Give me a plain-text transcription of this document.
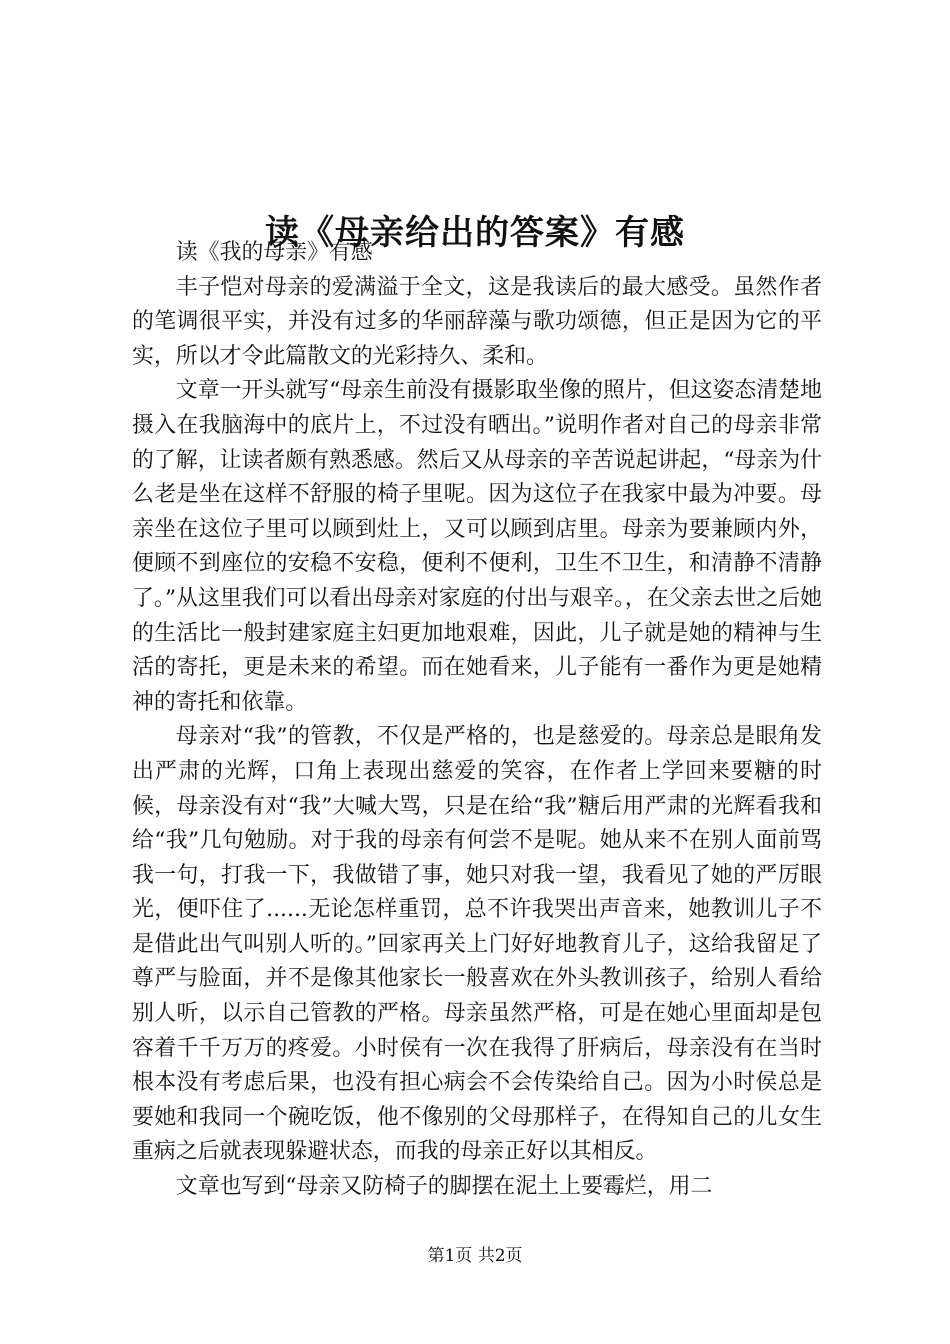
读《母亲给出的答案》有感

读《我的母亲》有感

丰子恺对母亲的爱满溢于全文，这是我读后的最大感受。虽然作者的笔调很平实，并没有过多的华丽辞藻与歌功颂德，但正是因为它的平实，所以才令此篇散文的光彩持久、柔和。

文章一开头就写“母亲生前没有摄影取坐像的照片，但这姿态清楚地摄入在我脑海中的底片上，不过没有晒出。”说明作者对自己的母亲非常的了解，让读者颇有熟悉感。然后又从母亲的辛苦说起讲起，“母亲为什么老是坐在这样不舒服的椅子里呢。因为这位子在我家中最为冲要。母亲坐在这位子里可以顾到灶上，又可以顾到店里。母亲为要兼顾内外，便顾不到座位的安稳不安稳，便利不便利，卫生不卫生，和清静不清静了。”从这里我们可以看出母亲对家庭的付出与艰辛。，在父亲去世之后她的生活比一般封建家庭主妇更加地艰难，因此，儿子就是她的精神与生活的寄托，更是未来的希望。而在她看来，儿子能有一番作为更是她精神的寄托和依靠。

母亲对“我”的管教，不仅是严格的，也是慈爱的。母亲总是眼角发出严肃的光辉，口角上表现出慈爱的笑容，在作者上学回来要糖的时候，母亲没有对“我”大喊大骂，只是在给“我”糖后用严肃的光辉看我和给“我”几句勉励。对于我的母亲有何尝不是呢。她从来不在别人面前骂我一句，打我一下，我做错了事，她只对我一望，我看见了她的严厉眼光，便吓住了......无论怎样重罚，总不许我哭出声音来，她教训儿子不是借此出气叫别人听的。”回家再关上门好好地教育儿子，这给我留足了尊严与脸面，并不是像其他家长一般喜欢在外头教训孩子，给别人看给别人听，以示自己管教的严格。母亲虽然严格，可是在她心里面却是包容着千千万万的疼爱。小时侯有一次在我得了肝病后，母亲没有在当时根本没有考虑后果，也没有担心病会不会传染给自己。因为小时侯总是要她和我同一个碗吃饭，他不像别的父母那样子，在得知自己的儿女生重病之后就表现躲避状态，而我的母亲正好以其相反。

文章也写到“母亲又防椅子的脚摆在泥土上要霉烂，用二

第1页 共2页
